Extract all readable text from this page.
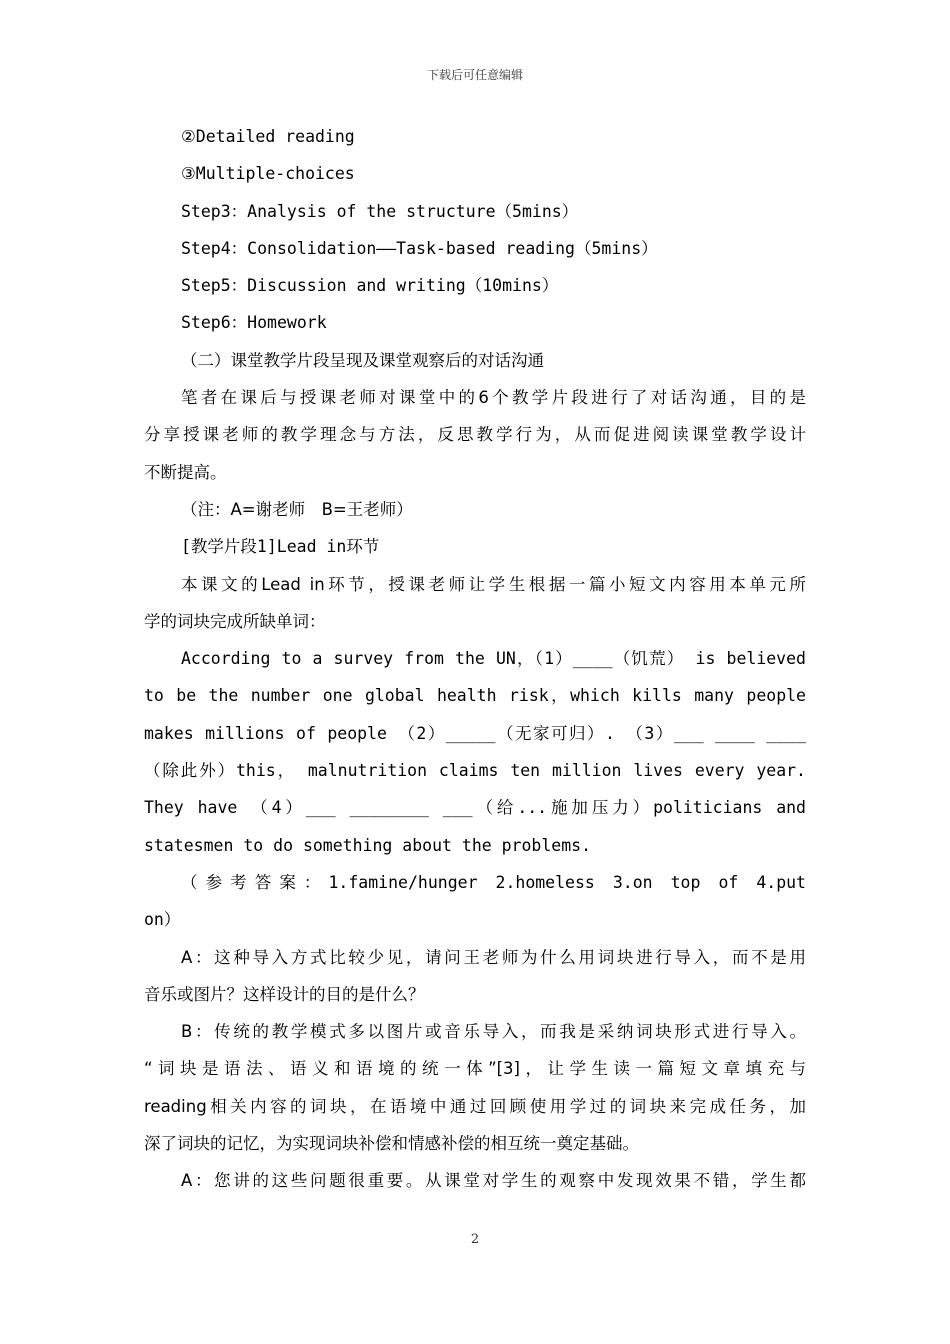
下载后可任意编辑
②Detailed reading
③Multiple-choices
Step3：Analysis of the structure（5mins）
Step4：Consolidation——Task-based reading（5mins）
Step5：Discussion and writing（10mins）
Step6：Homework
（二）课堂教学片段呈现及课堂观察后的对话沟通
笔者在课后与授课老师对课堂中的6个教学片段进行了对话沟通，目的是
分享授课老师的教学理念与方法，反思教学行为，从而促进阅读课堂教学设计
不断提高。
（注：A=谢老师　B=王老师）
[教学片段1]Lead in环节
本课文的Lead in环节，授课老师让学生根据一篇小短文内容用本单元所
学的词块完成所缺单词：
According to a survey from the UN，（1）____（饥荒） is believed
to be the number one global health risk，which kills many people
makes millions of people （2）_____（无家可归）. （3）___ ____ ____
（除此外）this， malnutrition claims ten million lives every year.
They have （4）___ ________ ___（给...施加压力）politicians and
statesmen to do something about the problems.
（参考答案：1.famine/hunger 2.homeless 3.on top of 4.put
on）
A：这种导入方式比较少见，请问王老师为什么用词块进行导入，而不是用
音乐或图片？这样设计的目的是什么？
B：传统的教学模式多以图片或音乐导入，而我是采纳词块形式进行导入。
“词块是语法、语义和语境的统一体”[3]，让学生读一篇短文章填充与
reading相关内容的词块，在语境中通过回顾使用学过的词块来完成任务，加
深了词块的记忆，为实现词块补偿和情感补偿的相互统一奠定基础。
A：您讲的这些问题很重要。从课堂对学生的观察中发现效果不错，学生都
2
